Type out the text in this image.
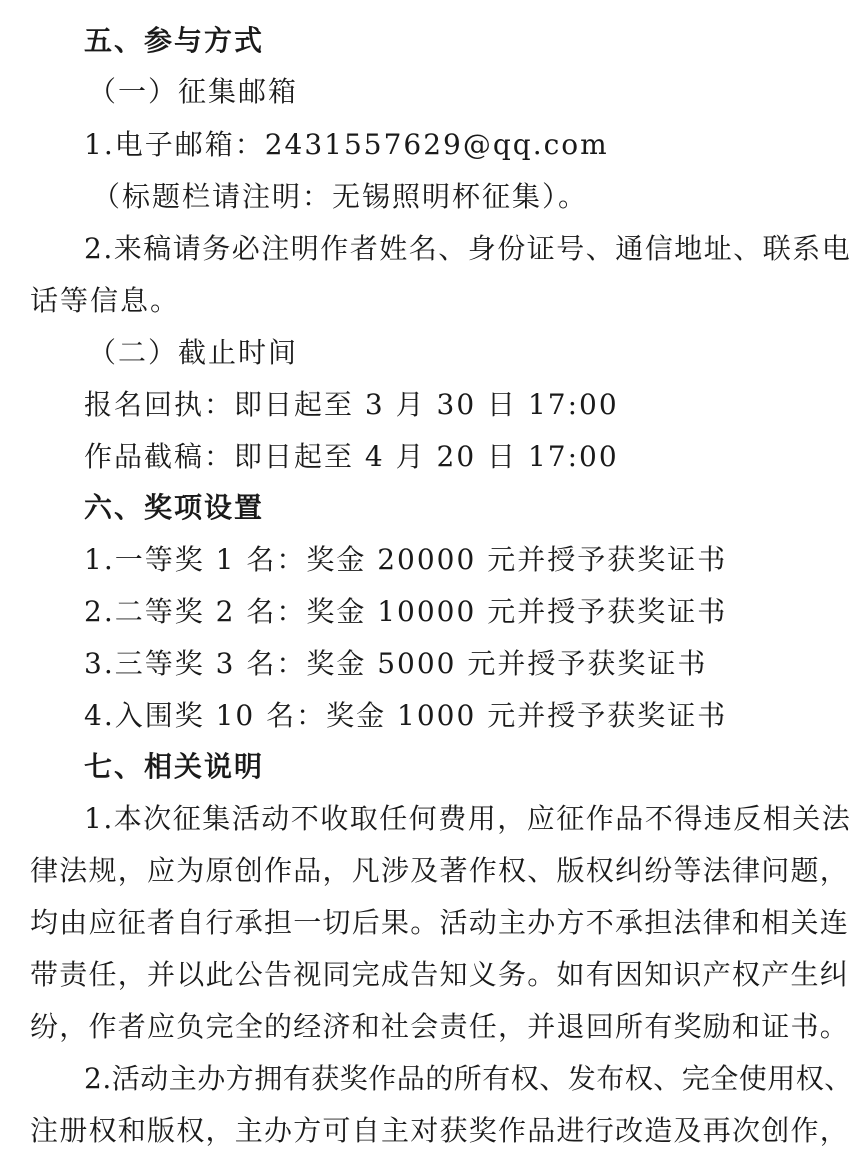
五、参与方式
（一）征集邮箱
1.电子邮箱：2431557629@qq.com
（标题栏请注明：无锡照明杯征集）。
2.来稿请务必注明作者姓名、身份证号、通信地址、联系电
话等信息。
（二）截止时间
报名回执：即日起至 3 月 30 日 17:00
作品截稿：即日起至 4 月 20 日 17:00
六、奖项设置
1.一等奖 1 名：奖金 20000 元并授予获奖证书
2.二等奖 2 名：奖金 10000 元并授予获奖证书
3.三等奖 3 名：奖金 5000 元并授予获奖证书
4.入围奖 10 名：奖金 1000 元并授予获奖证书
七、相关说明
1.本次征集活动不收取任何费用，应征作品不得违反相关法
律法规，应为原创作品，凡涉及著作权、版权纠纷等法律问题，
均由应征者自行承担一切后果。活动主办方不承担法律和相关连
带责任，并以此公告视同完成告知义务。如有因知识产权产生纠
纷，作者应负完全的经济和社会责任，并退回所有奖励和证书。
2.活动主办方拥有获奖作品的所有权、发布权、完全使用权、
注册权和版权，主办方可自主对获奖作品进行改造及再次创作，
